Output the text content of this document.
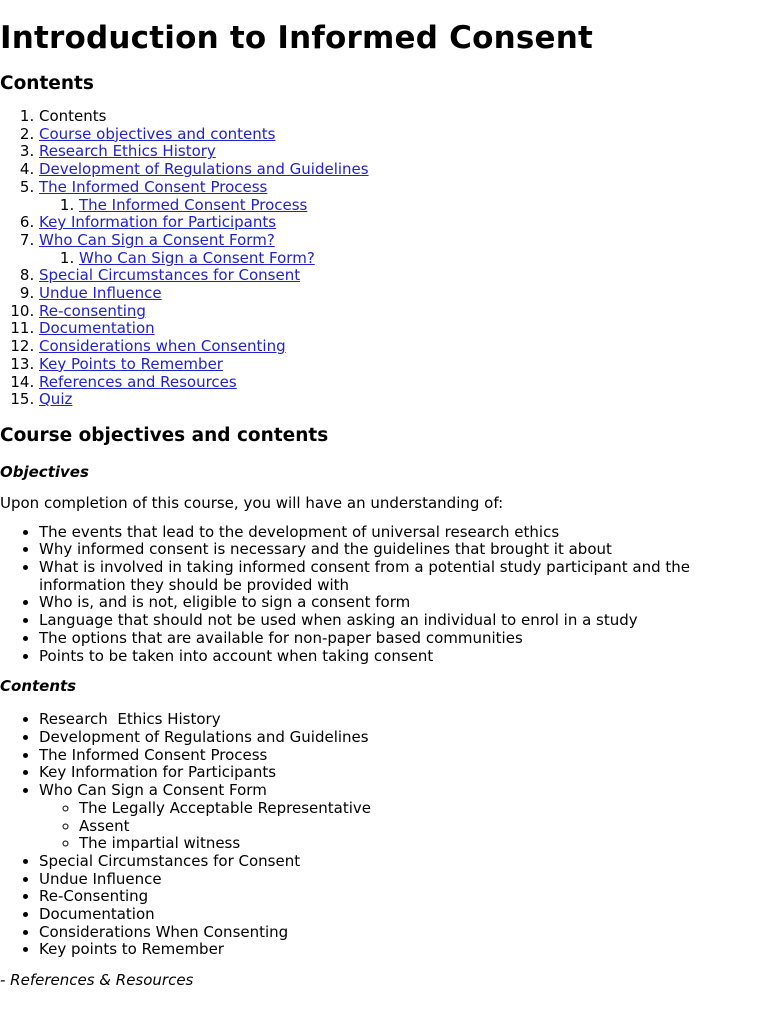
Introduction to Informed Consent
Contents
1. Contents
2. Course objectives and contents
3. Research Ethics History
4. Development of Regulations and Guidelines
5. The Informed Consent Process
1. The Informed Consent Process
6. Key Information for Participants
7. Who Can Sign a Consent Form?
1. Who Can Sign a Consent Form?
8. Special Circumstances for Consent
9. Undue Influence
10. Re-consenting
11. Documentation
12. Considerations when Consenting
13. Key Points to Remember
14. References and Resources
15. Quiz
Course objectives and contents
Objectives

Upon completion of this course, you will have an understanding of:

• The events that lead to the development of universal research ethics
• Why informed consent is necessary and the guidelines that brought it about
• What is involved in taking informed consent from a potential study participant and the information they should be provided with
• Who is, and is not, eligible to sign a consent form
• Language that should not be used when asking an individual to enrol in a study
• The options that are available for non-paper based communities
• Points to be taken into account when taking consent
Contents
• Research  Ethics History
• Development of Regulations and Guidelines
• The Informed Consent Process
• Key Information for Participants
• Who Can Sign a Consent Form
◦ The Legally Acceptable Representative
◦ Assent
◦ The impartial witness
• Special Circumstances for Consent
• Undue Influence
• Re-Consenting
• Documentation
• Considerations When Consenting
• Key points to Remember

- References & Resources
